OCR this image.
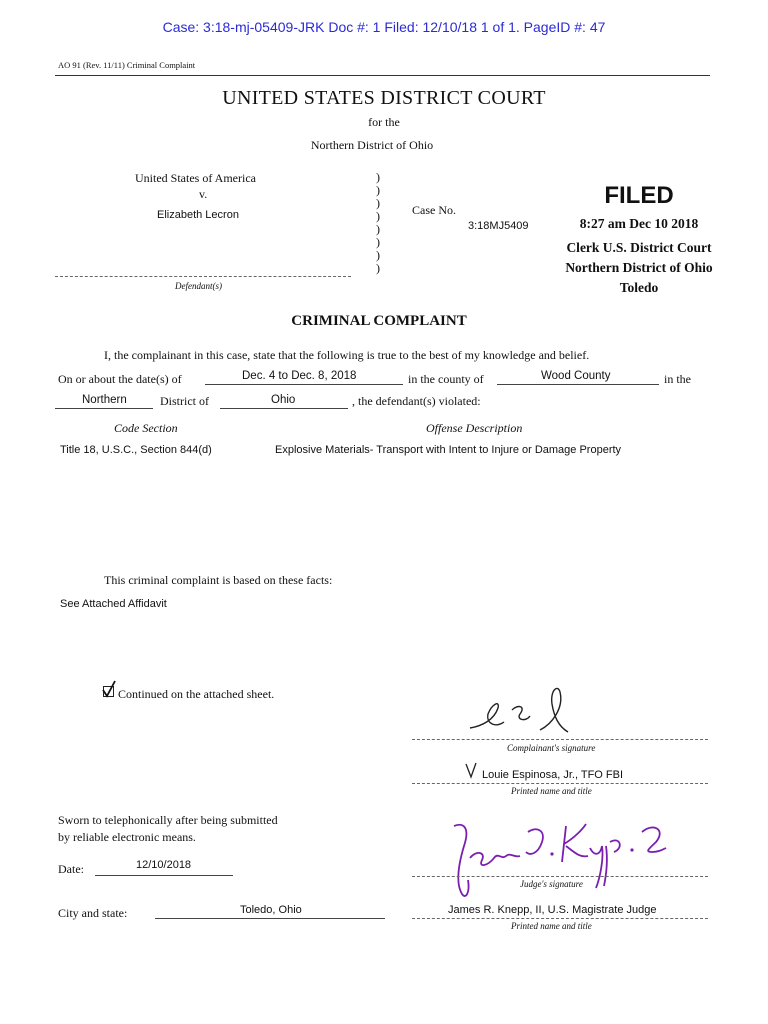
Case: 3:18-mj-05409-JRK Doc #: 1 Filed: 12/10/18 1 of 1. PageID #: 47
AO 91 (Rev. 11/11) Criminal Complaint
UNITED STATES DISTRICT COURT
for the
Northern District of Ohio
United States of America
v.
Elizabeth Lecron
Defendant(s)
)
)
)
)
)
)
)
)
Case No.
3:18MJ5409
FILED
8:27 am Dec 10 2018
Clerk U.S. District Court
Northern District of Ohio
Toledo
CRIMINAL COMPLAINT
I, the complainant in this case, state that the following is true to the best of my knowledge and belief.
On or about the date(s) of	Dec. 4 to Dec. 8, 2018	in the county of	Wood County	in the
Northern	District of	Ohio	, the defendant(s) violated:
Code Section	Offense Description
Title 18, U.S.C., Section 844(d)	Explosive Materials- Transport with Intent to Injure or Damage Property
This criminal complaint is based on these facts:
See Attached Affidavit
Continued on the attached sheet.
Complainant's signature
Louie Espinosa, Jr., TFO FBI
Printed name and title
Sworn to telephonically after being submitted
by reliable electronic means.
Date:	12/10/2018
Judge's signature
City and state:	Toledo, Ohio	James R. Knepp, II, U.S. Magistrate Judge
Printed name and title
